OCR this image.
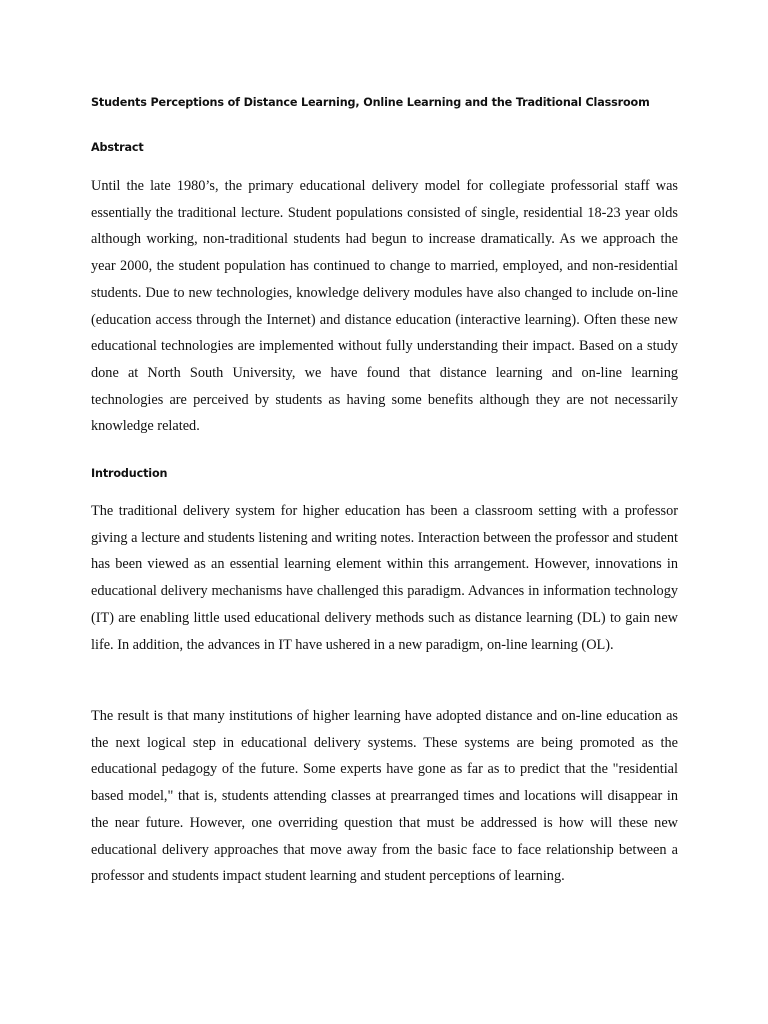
Students Perceptions of Distance Learning, Online Learning and the Traditional Classroom
Abstract

Until the late 1980’s, the primary educational delivery model for collegiate professorial staff was essentially the traditional lecture. Student populations consisted of single, residential 18-23 year olds although working, non-traditional students had begun to increase dramatically. As we approach the year 2000, the student population has continued to change to married, employed, and non-residential students. Due to new technologies, knowledge delivery modules have also changed to include on-line (education access through the Internet) and distance education (interactive learning). Often these new educational technologies are implemented without fully understanding their impact. Based on a study done at North South University, we have found that distance learning and on-line learning technologies are perceived by students as having some benefits although they are not necessarily knowledge related.

Introduction

The traditional delivery system for higher education has been a classroom setting with a professor giving a lecture and students listening and writing notes. Interaction between the professor and student has been viewed as an essential learning element within this arrangement. However, innovations in educational delivery mechanisms have challenged this paradigm. Advances in information technology (IT) are enabling little used educational delivery methods such as distance learning (DL) to gain new life. In addition, the advances in IT have ushered in a new paradigm, on-line learning (OL).

The result is that many institutions of higher learning have adopted distance and on-line education as the next logical step in educational delivery systems. These systems are being promoted as the educational pedagogy of the future. Some experts have gone as far as to predict that the "residential based model," that is, students attending classes at prearranged times and locations will disappear in the near future. However, one overriding question that must be addressed is how will these new educational delivery approaches that move away from the basic face to face relationship between a professor and students impact student learning and student perceptions of learning.
